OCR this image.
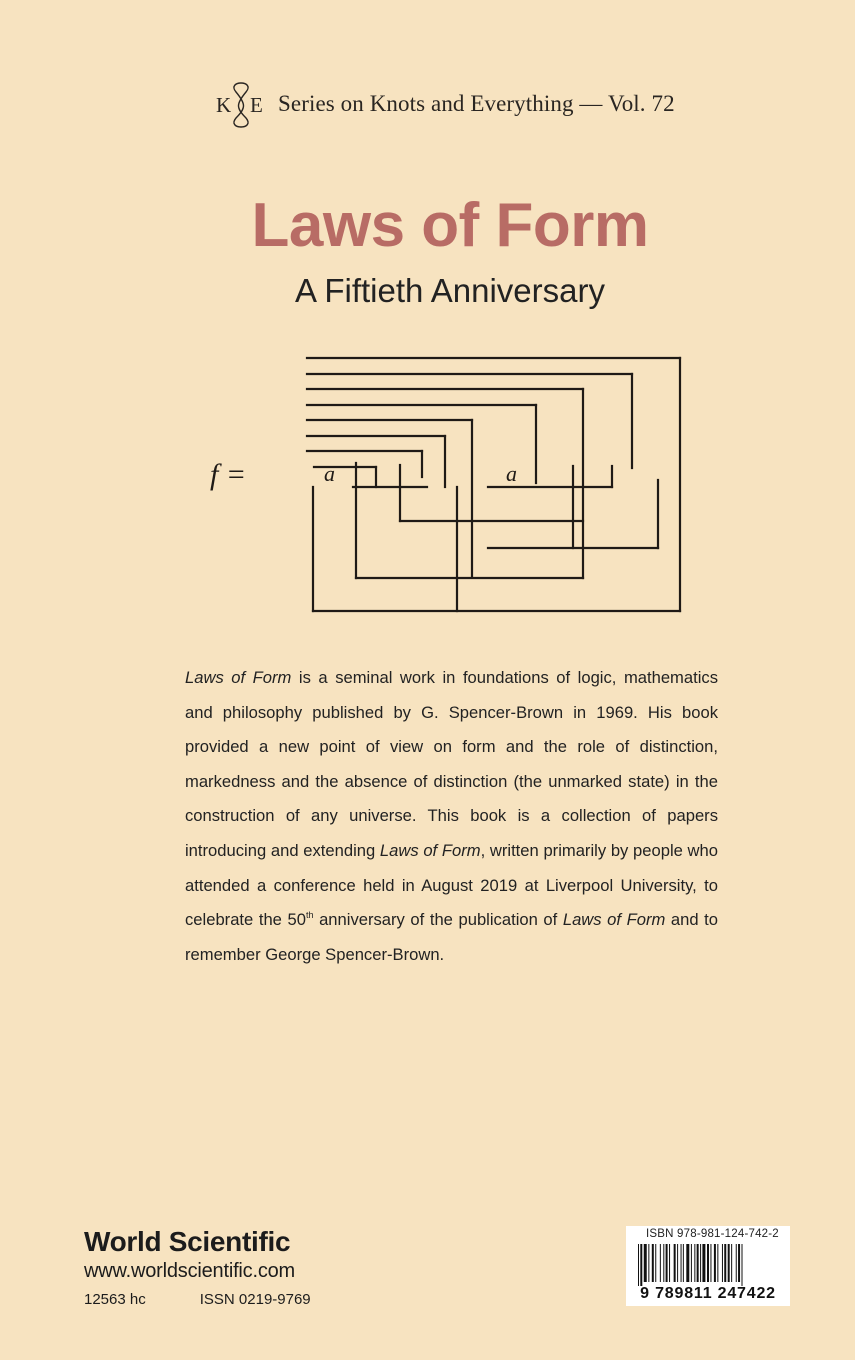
K E Series on Knots and Everything — Vol. 72
Laws of Form
A Fiftieth Anniversary
f =	a	a
Laws of Form is a seminal work in foundations of logic, mathematics and philosophy published by G. Spencer-Brown in 1969. His book provided a new point of view on form and the role of distinction, markedness and the absence of distinction (the unmarked state) in the construction of any universe. This book is a collection of papers introducing and extending Laws of Form, written primarily by people who attended a conference held in August 2019 at Liverpool University, to celebrate the 50th anniversary of the publication of Laws of Form and to remember George Spencer-Brown.
World Scientific
www.worldscientific.com
12563 hc	ISSN 0219-9769
ISBN 978-981-124-742-2
9 789811 247422
